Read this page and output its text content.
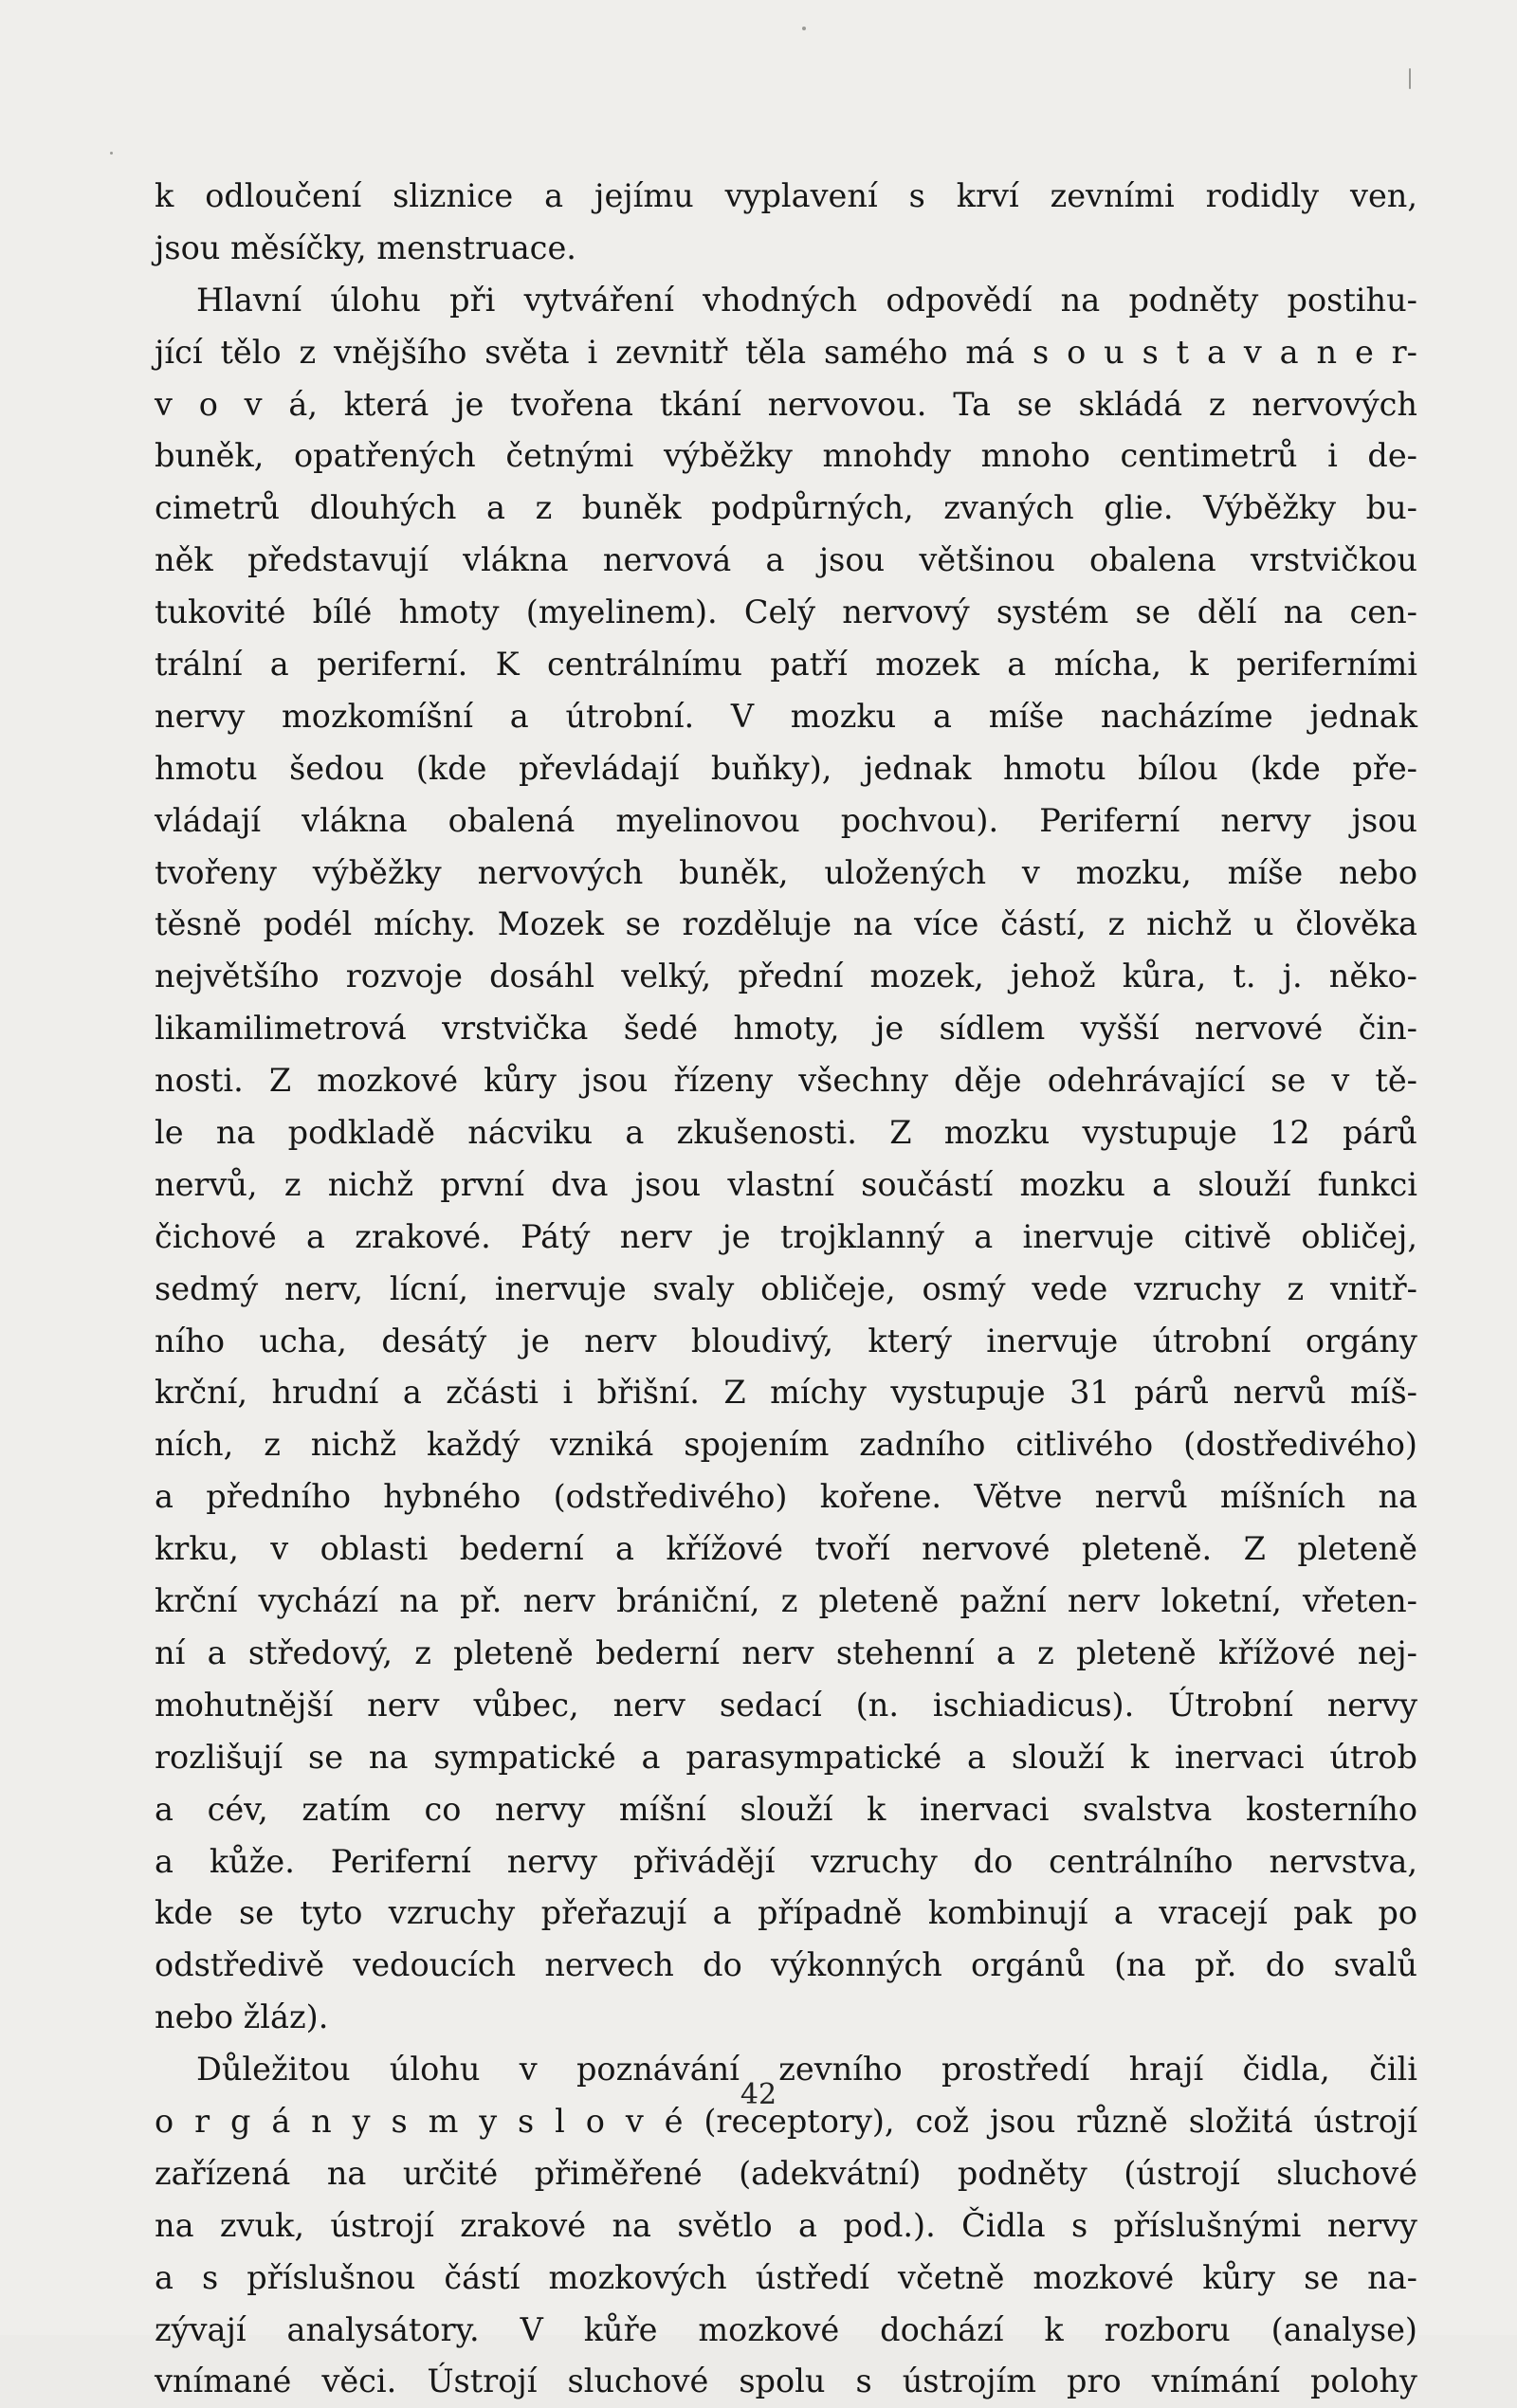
k odloučení sliznice a jejímu vyplavení s krví zevními rodidly ven,
jsou měsíčky, menstruace.
Hlavní úlohu při vytváření vhodných odpovědí na podněty postihu-
jící tělo z vnějšího světa i zevnitř těla samého má s o u s t a v a n e r-
v o v á, která je tvořena tkání nervovou. Ta se skládá z nervových
buněk, opatřených četnými výběžky mnohdy mnoho centimetrů i de-
cimetrů dlouhých a z buněk podpůrných, zvaných glie. Výběžky bu-
něk představují vlákna nervová a jsou většinou obalena vrstvičkou
tukovité bílé hmoty (myelinem). Celý nervový systém se dělí na cen-
trální a periferní. K centrálnímu patří mozek a mícha, k periferními
nervy mozkomíšní a útrobní. V mozku a míše nacházíme jednak
hmotu šedou (kde převládají buňky), jednak hmotu bílou (kde pře-
vládají vlákna obalená myelinovou pochvou). Periferní nervy jsou
tvořeny výběžky nervových buněk, uložených v mozku, míše nebo
těsně podél míchy. Mozek se rozděluje na více částí, z nichž u člověka
největšího rozvoje dosáhl velký, přední mozek, jehož kůra, t. j. něko-
likamilimetrová vrstvička šedé hmoty, je sídlem vyšší nervové čin-
nosti. Z mozkové kůry jsou řízeny všechny děje odehrávající se v tě-
le na podkladě nácviku a zkušenosti. Z mozku vystupuje 12 párů
nervů, z nichž první dva jsou vlastní součástí mozku a slouží funkci
čichové a zrakové. Pátý nerv je trojklanný a inervuje citivě obličej,
sedmý nerv, lícní, inervuje svaly obličeje, osmý vede vzruchy z vnitř-
ního ucha, desátý je nerv bloudivý, který inervuje útrobní orgány
krční, hrudní a zčásti i břišní. Z míchy vystupuje 31 párů nervů míš-
ních, z nichž každý vzniká spojením zadního citlivého (dostředivého)
a předního hybného (odstředivého) kořene. Větve nervů míšních na
krku, v oblasti bederní a křížové tvoří nervové pleteně. Z pleteně
krční vychází na př. nerv brániční, z pleteně pažní nerv loketní, vřeten-
ní a středový, z pleteně bederní nerv stehenní a z pleteně křížové nej-
mohutnější nerv vůbec, nerv sedací (n. ischiadicus). Útrobní nervy
rozlišují se na sympatické a parasympatické a slouží k inervaci útrob
a cév, zatím co nervy míšní slouží k inervaci svalstva kosterního
a kůže. Periferní nervy přivádějí vzruchy do centrálního nervstva,
kde se tyto vzruchy přeřazují a případně kombinují a vracejí pak po
odstředivě vedoucích nervech do výkonných orgánů (na př. do svalů
nebo žláz).
Důležitou úlohu v poznávání zevního prostředí hrají čidla, čili
o r g á n y s m y s l o v é (receptory), což jsou různě složitá ústrojí
zařízená na určité přiměřené (adekvátní) podněty (ústrojí sluchové
na zvuk, ústrojí zrakové na světlo a pod.). Čidla s příslušnými nervy
a s příslušnou částí mozkových ústředí včetně mozkové kůry se na-
zývají analysátory. V kůře mozkové dochází k rozboru (analyse)
vnímané věci. Ústrojí sluchové spolu s ústrojím pro vnímání polohy
42
